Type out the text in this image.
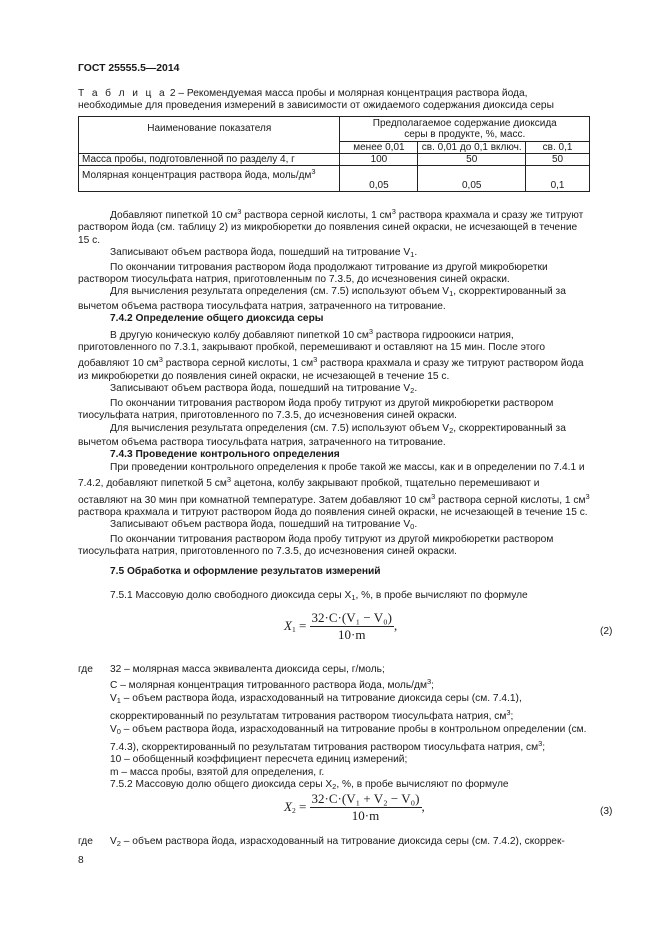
ГОСТ 25555.5—2014
Т а б л и ц а 2 – Рекомендуемая масса пробы и молярная концентрация раствора йода, необходимые для проведения измерений в зависимости от ожидаемого содержания диоксида серы
Наименование показателя	Предполагаемое содержание диоксида серы в продукте, %, масс.		
	менее 0,01	св. 0,01 до 0,1 включ.	св. 0,1
Масса пробы, подготовленной по разделу 4, г	100	50	50
Молярная концентрация раствора йода, моль/$дм^3$	0,05	0,05	0,1
Добавляют пипеткой 10 $см^3$ раствора серной кислоты, 1 $см^3$ раствора крахмала и сразу же титруют раствором йода (см. таблицу 2) из микробюретки до появления синей окраски, не исчезающей в течение 15 с.
Записывают объем раствора йода, пошедший на титрование $V_1$.
По окончании титрования раствором йода продолжают титрование из другой микробюретки раствором тиосульфата натрия, приготовленным по 7.3.5, до исчезновения синей окраски.
Для вычисления результата определения (см. 7.5) используют объем $V_1$, скорректированный за вычетом объема раствора тиосульфата натрия, затраченного на титрование.
7.4.2 Определение общего диоксида серы
В другую коническую колбу добавляют пипеткой 10 $см^3$ раствора гидроокиси натрия, приготовленного по 7.3.1, закрывают пробкой, перемешивают и оставляют на 15 мин. После этого добавляют 10 $см^3$ раствора серной кислоты, 1 $см^3$ раствора крахмала и сразу же титруют раствором йода из микробюретки до появления синей окраски, не исчезающей в течение 15 с.
Записывают объем раствора йода, пошедший на титрование $V_2$.
По окончании титрования раствором йода пробу титруют из другой микробюретки раствором тиосульфата натрия, приготовленного по 7.3.5, до исчезновения синей окраски.
Для вычисления результата определения (см. 7.5) используют объем $V_2$, скорректированный за вычетом объема раствора тиосульфата натрия, затраченного на титрование.
7.4.3 Проведение контрольного определения
При проведении контрольного определения к пробе такой же массы, как и в определении по 7.4.1 и 7.4.2, добавляют пипеткой 5 $см^3$ ацетона, колбу закрывают пробкой, тщательно перемешивают и оставляют на 30 мин при комнатной температуре. Затем добавляют 10 $см^3$ раствора серной кислоты, 1 $см^3$ раствора крахмала и титруют раствором йода до появления синей окраски, не исчезающей в течение 15 с.
Записывают объем раствора йода, пошедший на титрование $V_0$.
По окончании титрования раствором йода пробу титруют из другой микробюретки раствором тиосульфата натрия, приготовленного по 7.3.5, до исчезновения синей окраски.
7.5 Обработка и оформление результатов измерений
7.5.1 Массовую долю свободного диоксида серы $X_1$, %, в пробе вычисляют по формуле
$X_1 = \frac{\text{32·C·(V₁ − V₀)}}{10\cdot m}$ ,	(2)
где 32 – молярная масса эквивалента диоксида серы, г/моль;
C – молярная концентрация титрованного раствора йода, моль/$дм^3$;
$V_1$ – объем раствора йода, израсходованный на титрование диоксида серы (см. 7.4.1), скорректированный по результатам титрования раствором тиосульфата натрия, $см^3$;
$V_0$ – объем раствора йода, израсходованный на титрование пробы в контрольном определении (см. 7.4.3), скорректированный по результатам титрования раствором тиосульфата натрия, $см^3$;
10 – обобщенный коэффициент пересчета единиц измерений;
m – масса пробы, взятой для определения, г.
7.5.2 Массовую долю общего диоксида серы $X_2$, %, в пробе вычисляют по формуле
$X_2 = \frac{\text{32·C·(V₁ + V₂ − V₀)}}{10\cdot m}$ ,	(3)
где $V_2$ – объем раствора йода, израсходованный на титрование диоксида серы (см. 7.4.2), скоррек-
8
